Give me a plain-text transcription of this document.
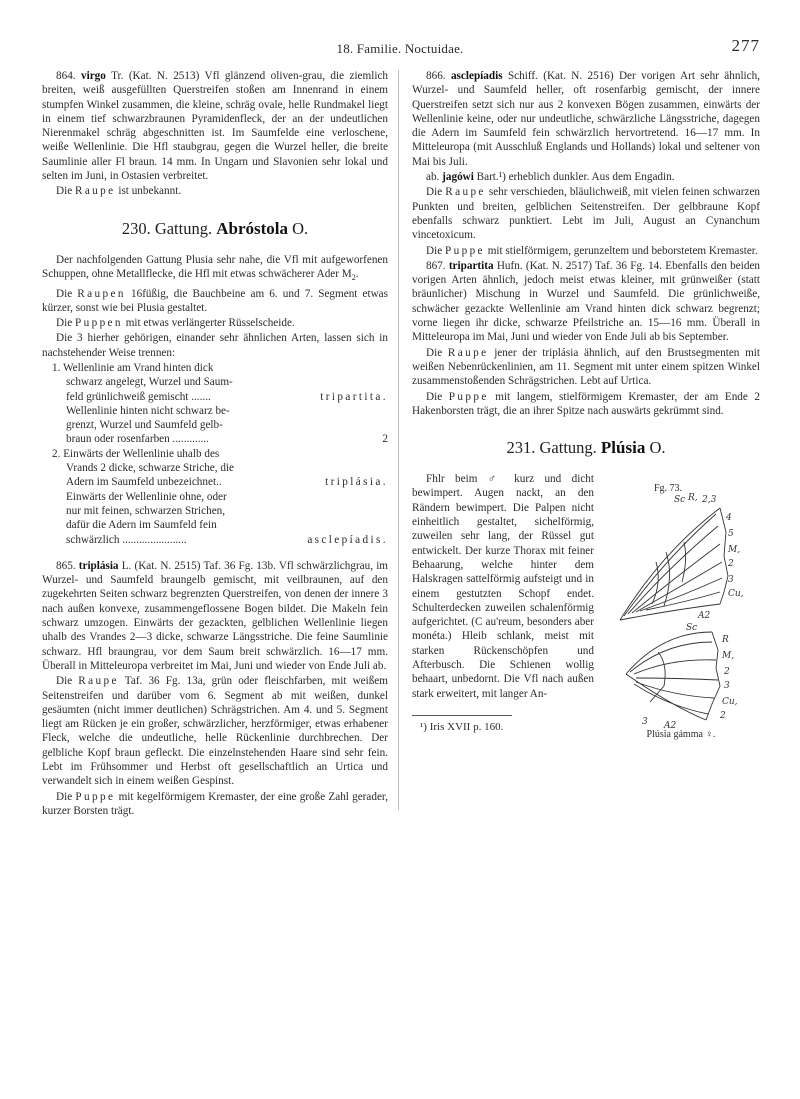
18. Familie. Noctuidae.	277

864. virgo Tr. (Kat. N. 2513) Vfl glänzend oliven-grau, die ziemlich breiten, weiß ausgefüllten Querstreifen stoßen am Innenrand in einem stumpfen Winkel zusammen, die kleine, schräg ovale, helle Rundmakel liegt in einem tief schwarzbraunen Pyramidenfleck, der an der undeutlichen Nierenmakel schräg abgeschnitten ist. Im Saumfelde eine verloschene, weiße Wellenlinie. Die Hfl staubgrau, gegen die Wurzel heller, die breite Saumlinie aller Fl braun. 14 mm. In Ungarn und Slavonien sehr lokal und selten im Juni, in Ostasien verbreitet.

Die Raupe ist unbekannt.

230. Gattung. Abróstola O.

Der nachfolgenden Gattung Plusia sehr nahe, die Vfl mit aufgeworfenen Schuppen, ohne Metallflecke, die Hfl mit etwas schwächerer Ader $M_2$.

Die Raupen 16füßig, die Bauchbeine am 6. und 7. Segment etwas kürzer, sonst wie bei Plusia gestaltet.

Die Puppen mit etwas verlängerter Rüsselscheide.

Die 3 hierher gehörigen, einander sehr ähnlichen Arten, lassen sich in nachstehender Weise trennen:

1. Wellenlinie am Vrand hinten dick
schwarz angelegt, Wurzel und Saum-
tripartita.
feld grünlichweiß gemischt .......
Wellenlinie hinten nicht schwarz be-
grenzt, Wurzel und Saumfeld gelb-
2
braun oder rosenfarben .............
2. Einwärts der Wellenlinie uhalb des
Vrands 2 dicke, schwarze Striche, die
triplásia.
Adern im Saumfeld unbezeichnet..
Einwärts der Wellenlinie ohne, oder
nur mit feinen, schwarzen Strichen,
dafür die Adern im Saumfeld fein
asclepíadis.
schwärzlich .......................

865. triplásia L. (Kat. N. 2515) Taf. 36 Fg. 13b. Vfl schwärzlichgrau, im Wurzel- und Saumfeld braungelb gemischt, mit veilbraunen, auf den zugekehrten Seiten schwarz begrenzten Querstreifen, von denen der innere 3 nach außen konvexe, zusammengeflossene Bogen bildet. Die Makeln fein schwarz umzogen. Einwärts der gezackten, gelblichen Wellenlinie liegen uhalb des Vrandes 2—3 dicke, schwarze Längsstriche. Die feine Saumlinie schwarz. Hfl braungrau, vor dem Saum breit schwärzlich. 16—17 mm. Überall in Mitteleuropa verbreitet im Mai, Juni und wieder von Ende Juli ab.

Die Raupe Taf. 36 Fg. 13a, grün oder fleischfarben, mit weißem Seitenstreifen und darüber vom 6. Segment ab mit weißen, dunkel gesäumten (nicht immer deutlichen) Schrägstrichen. Am 4. und 5. Segment liegt am Rücken je ein großer, schwärzlicher, herzförmiger, etwas erhabener Fleck, welche die undeutliche, helle Rückenlinie durchbrechen. Der gelbliche Kopf braun gefleckt. Die einzelnstehenden Haare sind sehr fein. Lebt im Frühsommer und Herbst oft gesellschaftlich an Urtica und verwandelt sich in einem weißen Gespinst.

Die Puppe mit kegelförmigem Kremaster, der eine große Zahl gerader, kurzer Borsten trägt.

866. asclepíadis Schiff. (Kat. N. 2516) Der vorigen Art sehr ähnlich, Wurzel- und Saumfeld heller, oft rosenfarbig gemischt, der innere Querstreifen setzt sich nur aus 2 konvexen Bögen zusammen, einwärts der Wellenlinie keine, oder nur undeutliche, schwärzliche Längsstriche, dagegen die Adern im Saumfeld fein schwärzlich hervortretend. 16—17 mm. In Mitteleuropa (mit Ausschluß Englands und Hollands) lokal und seltener von Mai bis Juli.

ab. jagówi Bart.¹) erheblich dunkler. Aus dem Engadin.

Die Raupe sehr verschieden, bläulichweiß, mit vielen feinen schwarzen Punkten und breiten, gelblichen Seitenstreifen. Der gelbbraune Kopf ebenfalls schwarz punktiert. Lebt im Juli, August an Cynanchum vincetoxicum.

Die Puppe mit stielförmigem, gerunzeltem und beborstetem Kremaster.

867. tripartita Hufn. (Kat. N. 2517) Taf. 36 Fg. 14. Ebenfalls den beiden vorigen Arten ähnlich, jedoch meist etwas kleiner, mit grünweißer (statt bräunlicher) Mischung in Wurzel und Saumfeld. Die grünlichweiße, schwächer gezackte Wellenlinie am Vrand hinten dick schwarz begrenzt; vorne liegen ihr dicke, schwarze Pfeilstriche an. 15—16 mm. Überall in Mitteleuropa im Mai, Juni und wieder von Ende Juli ab bis September.

Die Raupe jener der triplásia ähnlich, auf den Brustsegmenten mit weißen Nebenrückenlinien, am 11. Segment mit unter einem spitzen Winkel zusammenstoßenden Schrägstrichen. Lebt auf Urtica.

Die Puppe mit langem, stielförmigem Kremaster, der am Ende 2 Hakenborsten trägt, die an ihrer Spitze nach auswärts gekrümmt sind.

231. Gattung. Plúsia O.
Fg. 73.
Sc R, 2,3
4
5
M,
2
3
Cu,
A2
Sc
R
M,
2
3
Cu,
2
3 A2
Plúsia gámma ♀.

Fhlr beim ♂ kurz und dicht bewimpert. Augen nackt, an den Rändern bewimpert. Die Palpen nicht einheitlich gestaltet, sichelförmig, zuweilen sehr lang, der Rüssel gut entwickelt. Der kurze Thorax mit feiner Behaarung, welche hinter dem Halskragen sattelförmig aufsteigt und in einem gestutzten Schopf endet. Schulterdecken zuweilen schalenförmig aufgerichtet. (C au'reum, besonders aber monéta.) Hleib schlank, meist mit starken Rückenschöpfen und Afterbusch. Die Schienen wollig behaart, unbedornt. Die Vfl nach außen stark erweitert, mit langer An-

¹) Iris XVII p. 160.
